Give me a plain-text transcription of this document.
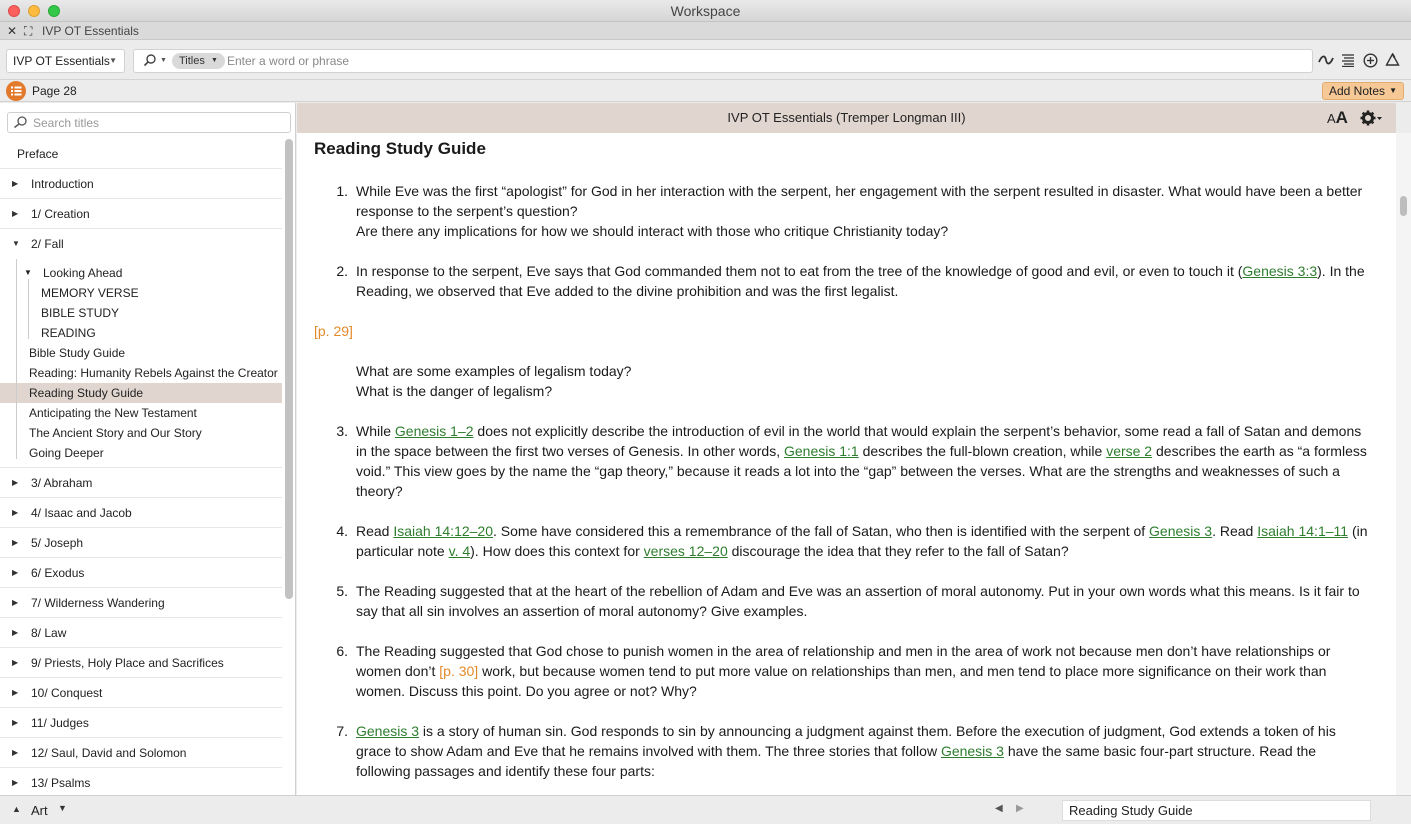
Workspace
✕ ⛶ IVP OT Essentials
IVP OT Essentials ▼	▼	Titles ▼
Enter a word or phrase
Page 28	Add Notes ▼
Search titles
Preface
▶ Introduction
▶ 1/ Creation
▼ 2/ Fall
▼ Looking Ahead
MEMORY VERSE
BIBLE STUDY
READING
Bible Study Guide
Reading: Humanity Rebels Against the Creator
Reading Study Guide
Anticipating the New Testament
The Ancient Story and Our Story
Going Deeper
▶ 3/ Abraham
▶ 4/ Isaac and Jacob
▶ 5/ Joseph
▶ 6/ Exodus
▶ 7/ Wilderness Wandering
▶ 8/ Law
▶ 9/ Priests, Holy Place and Sacrifices
▶ 10/ Conquest
▶ 11/ Judges
▶ 12/ Saul, David and Solomon
▶ 13/ Psalms
IVP OT Essentials (Tremper Longman III)	AA
Reading Study Guide
1. While Eve was the first “apologist” for God in her interaction with the serpent, her engagement with the serpent resulted in disaster. What would have been a better response to the serpent’s question?
Are there any implications for how we should interact with those who critique Christianity today?
2. In response to the serpent, Eve says that God commanded them not to eat from the tree of the knowledge of good and evil, or even to touch it (Genesis 3:3). In the Reading, we observed that Eve added to the divine prohibition and was the first legalist.
[p. 29]
What are some examples of legalism today?
What is the danger of legalism?
3. While Genesis 1–2 does not explicitly describe the introduction of evil in the world that would explain the serpent’s behavior, some read a fall of Satan and demons in the space between the first two verses of Genesis. In other words, Genesis 1:1 describes the full-blown creation, while verse 2 describes the earth as “a formless void.” This view goes by the name the “gap theory,” because it reads a lot into the “gap” between the verses. What are the strengths and weaknesses of such a theory?
4. Read Isaiah 14:12–20. Some have considered this a remembrance of the fall of Satan, who then is identified with the serpent of Genesis 3. Read Isaiah 14:1–11 (in particular note v. 4). How does this context for verses 12–20 discourage the idea that they refer to the fall of Satan?
5. The Reading suggested that at the heart of the rebellion of Adam and Eve was an assertion of moral autonomy. Put in your own words what this means. Is it fair to say that all sin involves an assertion of moral autonomy? Give examples.
6. The Reading suggested that God chose to punish women in the area of relationship and men in the area of work not because men don’t have relationships or women don’t [p. 30] work, but because women tend to put more value on relationships than men, and men tend to place more significance on their work than women. Discuss this point. Do you agree or not? Why?
7. Genesis 3 is a story of human sin. God responds to sin by announcing a judgment against them. Before the execution of judgment, God extends a token of his grace to show Adam and Eve that he remains involved with them. The three stories that follow Genesis 3 have the same basic four-part structure. Read the following passages and identify these four parts:
▲ Art ▼	◀ ▶	Reading Study Guide
